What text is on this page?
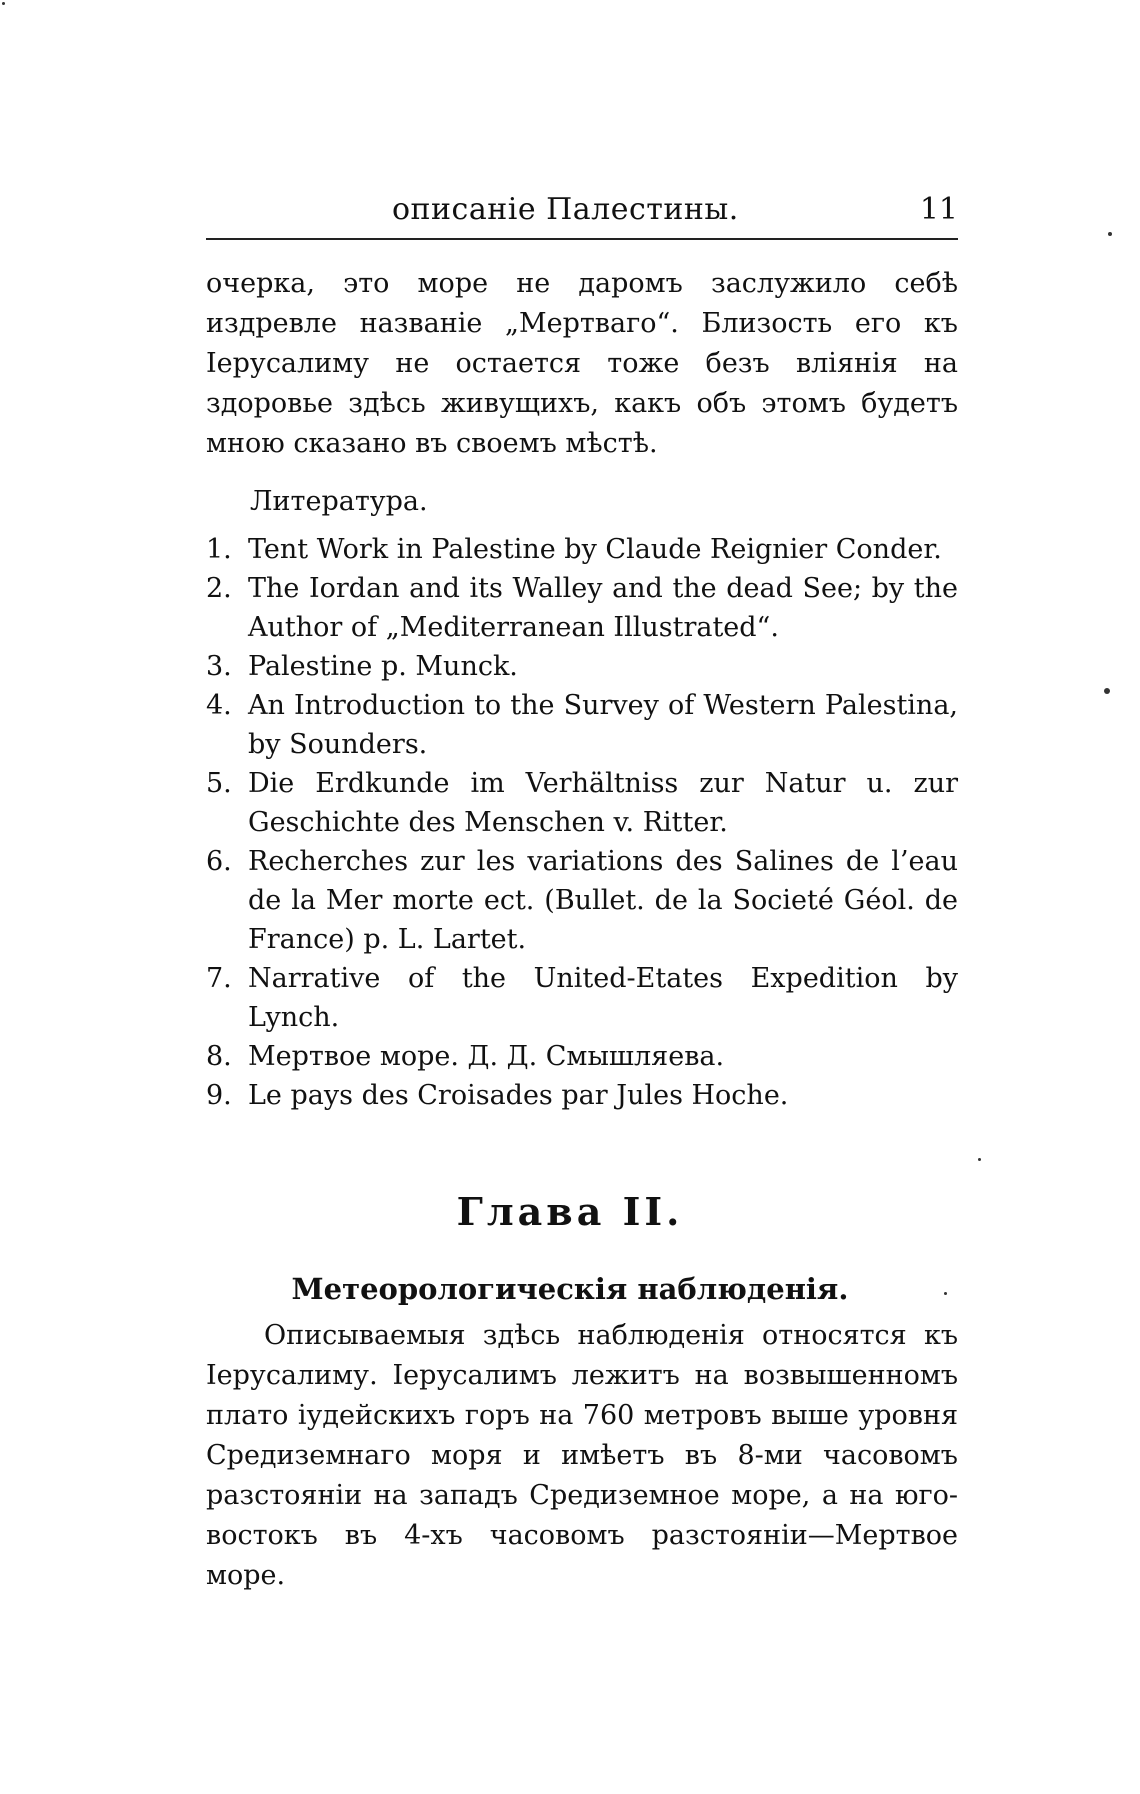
описаніе Палестины.	11

очерка, это море не даромъ заслужило себѣ издревле названіе „Мертваго“. Близость его къ Іерусалиму не остается тоже безъ вліянія на здоровье здѣсь живущихъ, какъ объ этомъ будетъ мною сказано въ своемъ мѣстѣ.

Литература.
1. Tent Work in Palestine by Claude Reignier Conder.
2. The Iordan and its Walley and the dead See; by the Author of „Mediterranean Illustrated“.
3. Palestine p. Munck.
4. An Introduction to the Survey of Western Palestina, by Sounders.
5. Die Erdkunde im Verhältniss zur Natur u. zur Geschichte des Menschen v. Ritter.
6. Recherches zur les variations des Salines de l’eau de la Mer morte ect. (Bullet. de la Societé Géol. de France) p. L. Lartet.
7. Narrative of the United-Etates Expedition by Lynch.
8. Мертвое море. Д. Д. Смышляева.
9. Le pays des Croisades par Jules Hoche.
Глава II.
Метеорологическія наблюденія.

Описываемыя здѣсь наблюденія относятся къ Іерусалиму. Іерусалимъ лежитъ на возвышенномъ плато іудейскихъ горъ на 760 метровъ выше уровня Средиземнаго моря и имѣетъ въ 8-ми часовомъ разстояніи на западъ Средиземное море, а на юго-востокъ въ 4-хъ часовомъ разстояніи—Мертвое море.
